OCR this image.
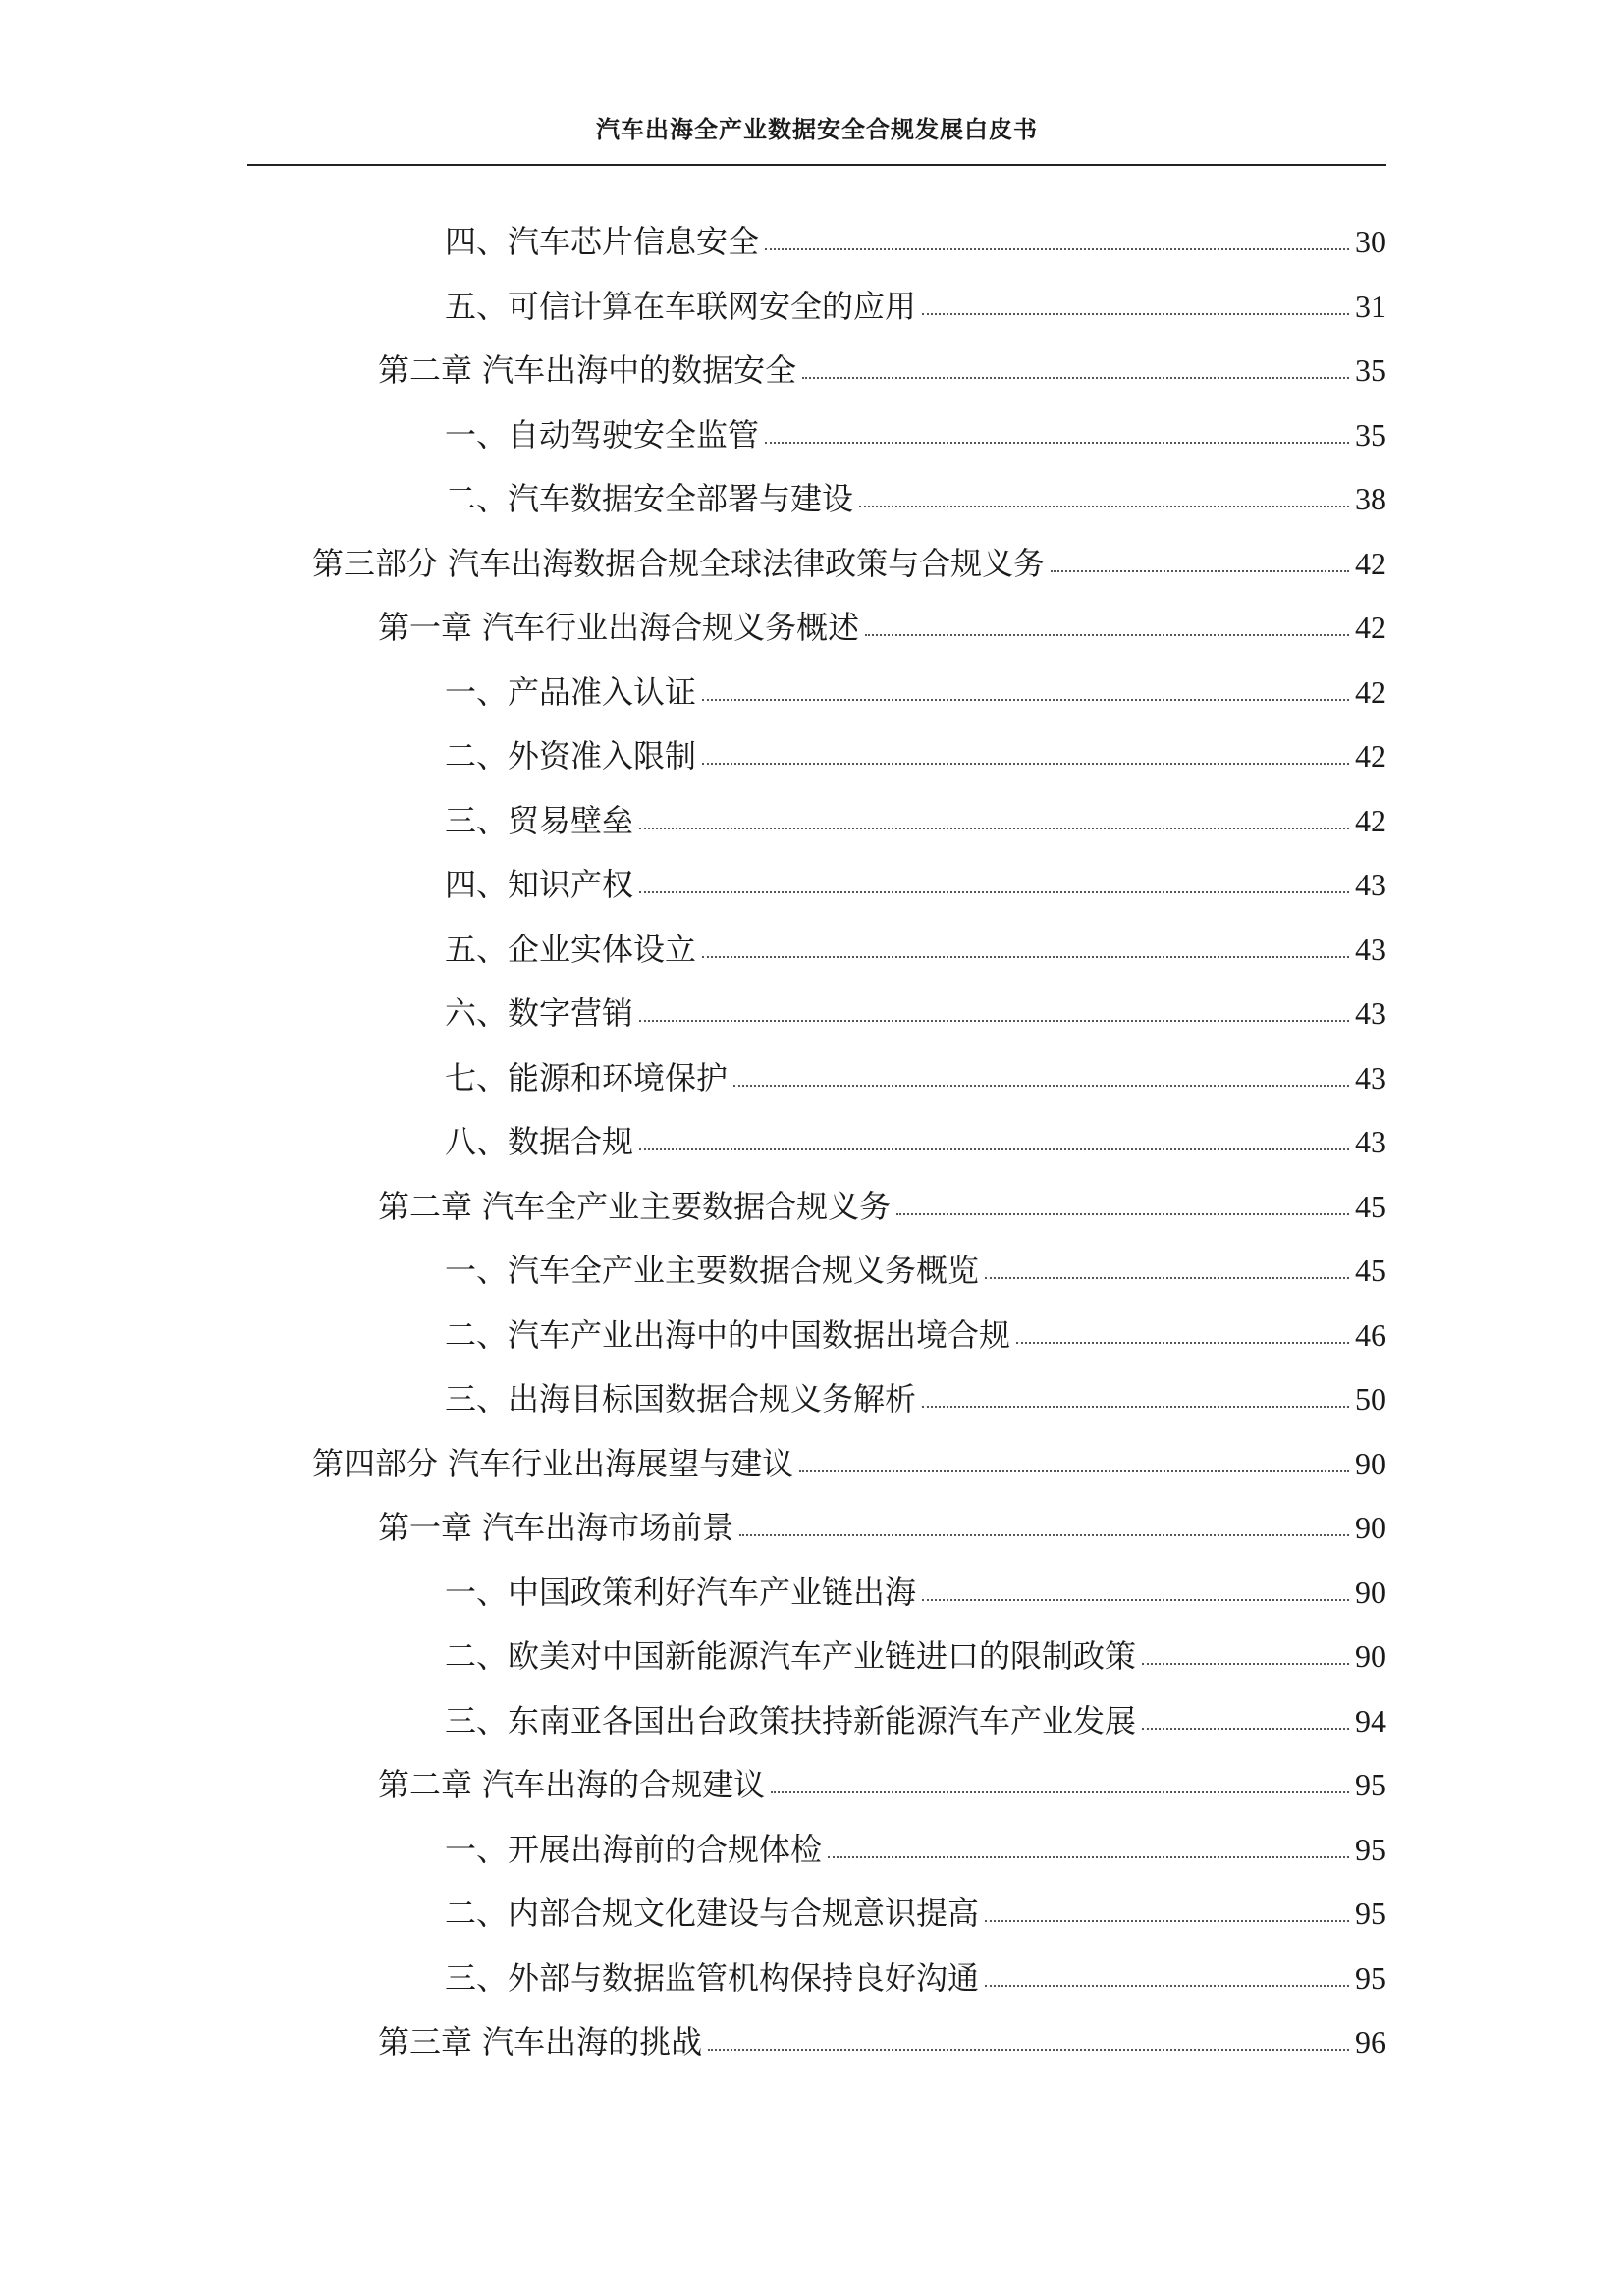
汽车出海全产业数据安全合规发展白皮书
四、汽车芯片信息安全	30
五、可信计算在车联网安全的应用	31
第二章 汽车出海中的数据安全	35
一、自动驾驶安全监管	35
二、汽车数据安全部署与建设	38
第三部分 汽车出海数据合规全球法律政策与合规义务	42
第一章 汽车行业出海合规义务概述	42
一、产品准入认证	42
二、外资准入限制	42
三、贸易壁垒	42
四、知识产权	43
五、企业实体设立	43
六、数字营销	43
七、能源和环境保护	43
八、数据合规	43
第二章 汽车全产业主要数据合规义务	45
一、汽车全产业主要数据合规义务概览	45
二、汽车产业出海中的中国数据出境合规	46
三、出海目标国数据合规义务解析	50
第四部分 汽车行业出海展望与建议	90
第一章 汽车出海市场前景	90
一、中国政策利好汽车产业链出海	90
二、欧美对中国新能源汽车产业链进口的限制政策	90
三、东南亚各国出台政策扶持新能源汽车产业发展	94
第二章 汽车出海的合规建议	95
一、开展出海前的合规体检	95
二、内部合规文化建设与合规意识提高	95
三、外部与数据监管机构保持良好沟通	95
第三章 汽车出海的挑战	96
